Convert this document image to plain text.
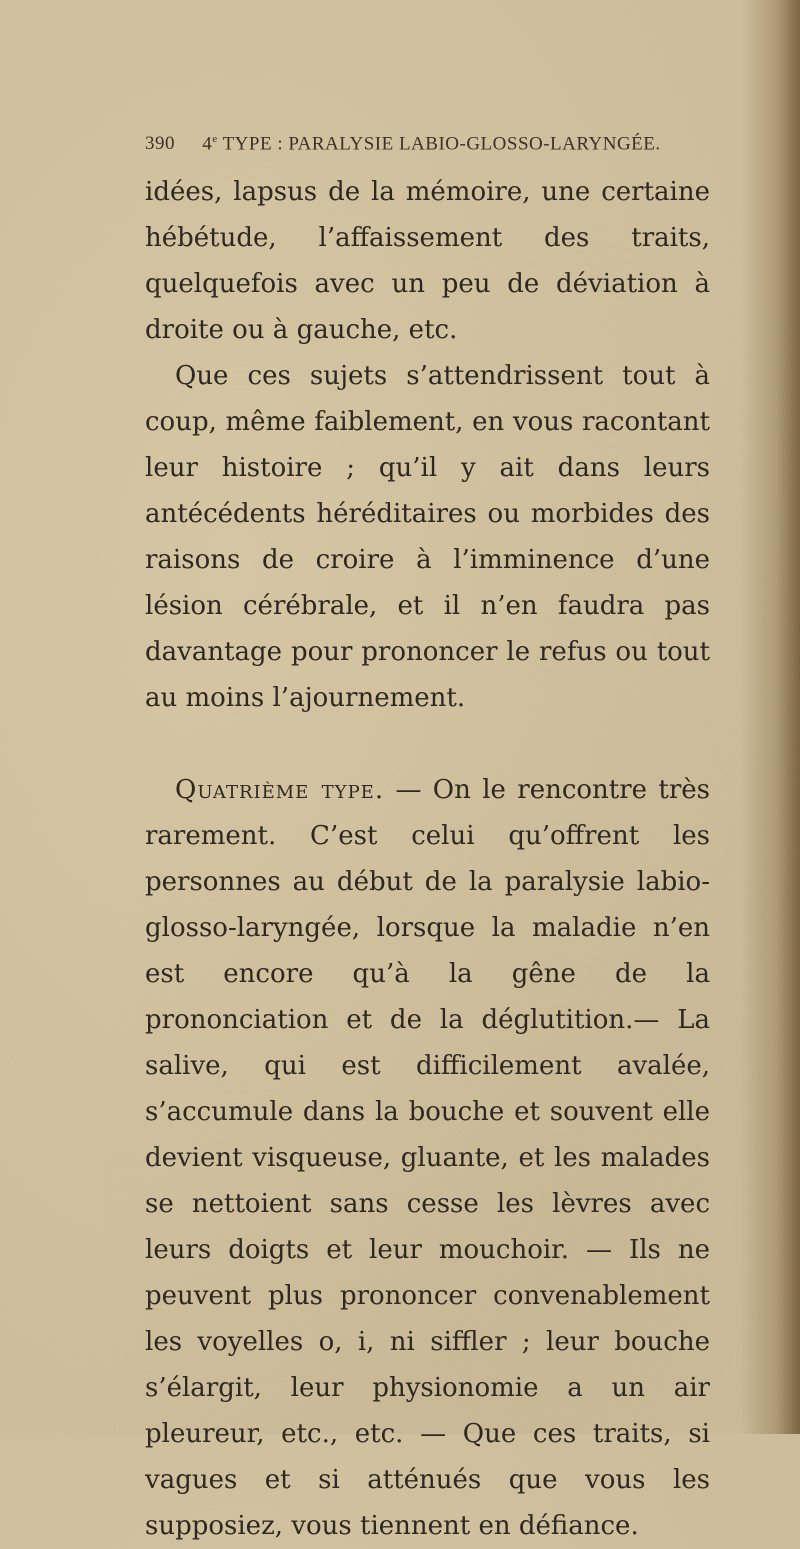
390 4e TYPE : PARALYSIE LABIO-GLOSSO-LARYNGÉE.

idées, lapsus de la mémoire, une certaine hébétude, l’affaissement des traits, quelquefois avec un peu de déviation à droite ou à gauche, etc.

Que ces sujets s’attendrissent tout à coup, même faiblement, en vous racontant leur histoire ; qu’il y ait dans leurs antécédents héréditaires ou morbides des raisons de croire à l’imminence d’une lésion cérébrale, et il n’en faudra pas davantage pour prononcer le refus ou tout au moins l’ajournement.

Quatrième type. — On le rencontre très rarement. C’est celui qu’offrent les personnes au début de la paralysie labio-glosso-laryngée, lorsque la maladie n’en est encore qu’à la gêne de la prononciation et de la déglutition.— La salive, qui est difficilement avalée, s’accumule dans la bouche et souvent elle devient visqueuse, gluante, et les malades se nettoient sans cesse les lèvres avec leurs doigts et leur mouchoir. — Ils ne peuvent plus prononcer convenablement les voyelles o, i, ni siffler ; leur bouche s’élargit, leur physionomie a un air pleureur, etc., etc. — Que ces traits, si vagues et si atténués que vous les supposiez, vous tiennent en défiance.
